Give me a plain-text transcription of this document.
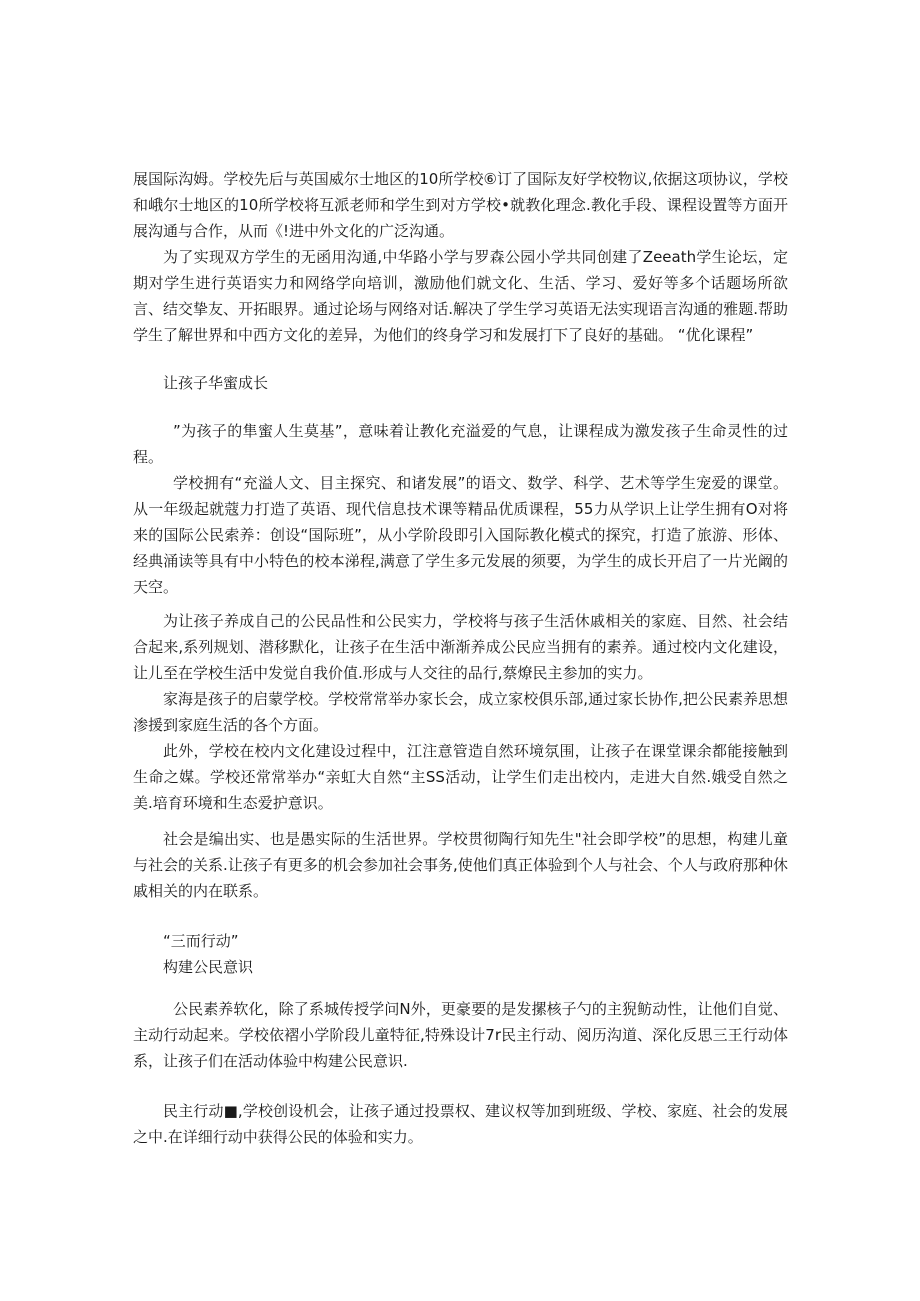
展国际沟姆。学校先后与英国威尔士地区的10所学校⑥订了国际友好学校物议,依据这项协议，学校和峨尔士地区的10所学校将互派老师和学生到对方学校•就教化理念.教化手段、课程设置等方面开展沟通与合作，从而《!进中外文化的广泛沟通。

为了实现双方学生的无函用沟通,中华路小学与罗森公园小学共同创建了Zeeath学生论坛，定期对学生进行英语实力和网络学向培训，激励他们就文化、生活、学习、爱好等多个话题场所欲言、结交挚友、开拓眼界。通过论场与网络对话.解决了学生学习英语无法实现语言沟通的雅题.帮助学生了解世界和中西方文化的差异，为他们的终身学习和发展打下了良好的基础。 “优化课程”

让孩子华蜜成长

”为孩子的隼蜜人生莫基”，意味着让教化充溢爱的气息，让课程成为激发孩子生命灵性的过程。

学校拥有“充溢人文、目主探究、和诸发展”的语文、数学、科学、艺术等学生宠爱的课堂。从一年级起就蔻力打造了英语、现代信息技术课等精品优质课程，55力从学识上让学生拥有O对将来的国际公民索养：创设“国际班”，从小学阶段即引入国际教化模式的探究，打造了旅游、形体、经典涌读等具有中小特色的校本涕程,满意了学生多元发展的须要，为学生的成长开启了一片光阚的天空。

为让孩子养成自己的公民品性和公民实力，学校将与孩子生活休戚相关的家庭、目然、社会结合起来,系列规划、潜移默化，让孩子在生活中渐渐养成公民应当拥有的素养。通过校内文化建设，让儿至在学校生活中发觉自我价值.形成与人交往的品行,蔡燎民主参加的实力。

家海是孩子的启蒙学校。学校常常举办家长会，成立家校俱乐部,通过家长协作,把公民素养思想渗援到家庭生活的各个方面。

此外，学校在校内文化建设过程中，江注意管造自然环境氛围，让孩子在课堂课余都能接触到生命之媒。学校还常常举办“亲虹大自然“主SS活动，让学生们走出校内，走进大自然.娥受自然之美.培育环境和生态爱护意识。

社会是编出实、也是愚实际的生活世界。学校贯彻陶行知先生"社会即学校”的思想，构建儿童与社会的关系.让孩子有更多的机会参加社会事务,使他们真正体验到个人与社会、个人与政府那种休戚相关的内在联系。

“三而行动”

构建公民意识

公民素养软化，除了系城传授学问N外，更豪要的是发摞核子勺的主猊鲂动性，让他们自觉、主动行动起来。学校依褶小学阶段儿童特征,特殊设计7r民主行动、阅历沟道、深化反思三王行动体系，让孩子们在活动体验中构建公民意识.

民主行动■,学校创设机会，让孩子通过投票权、建议权等加到班级、学校、家庭、社会的发展之中.在详细行动中获得公民的体验和实力。
